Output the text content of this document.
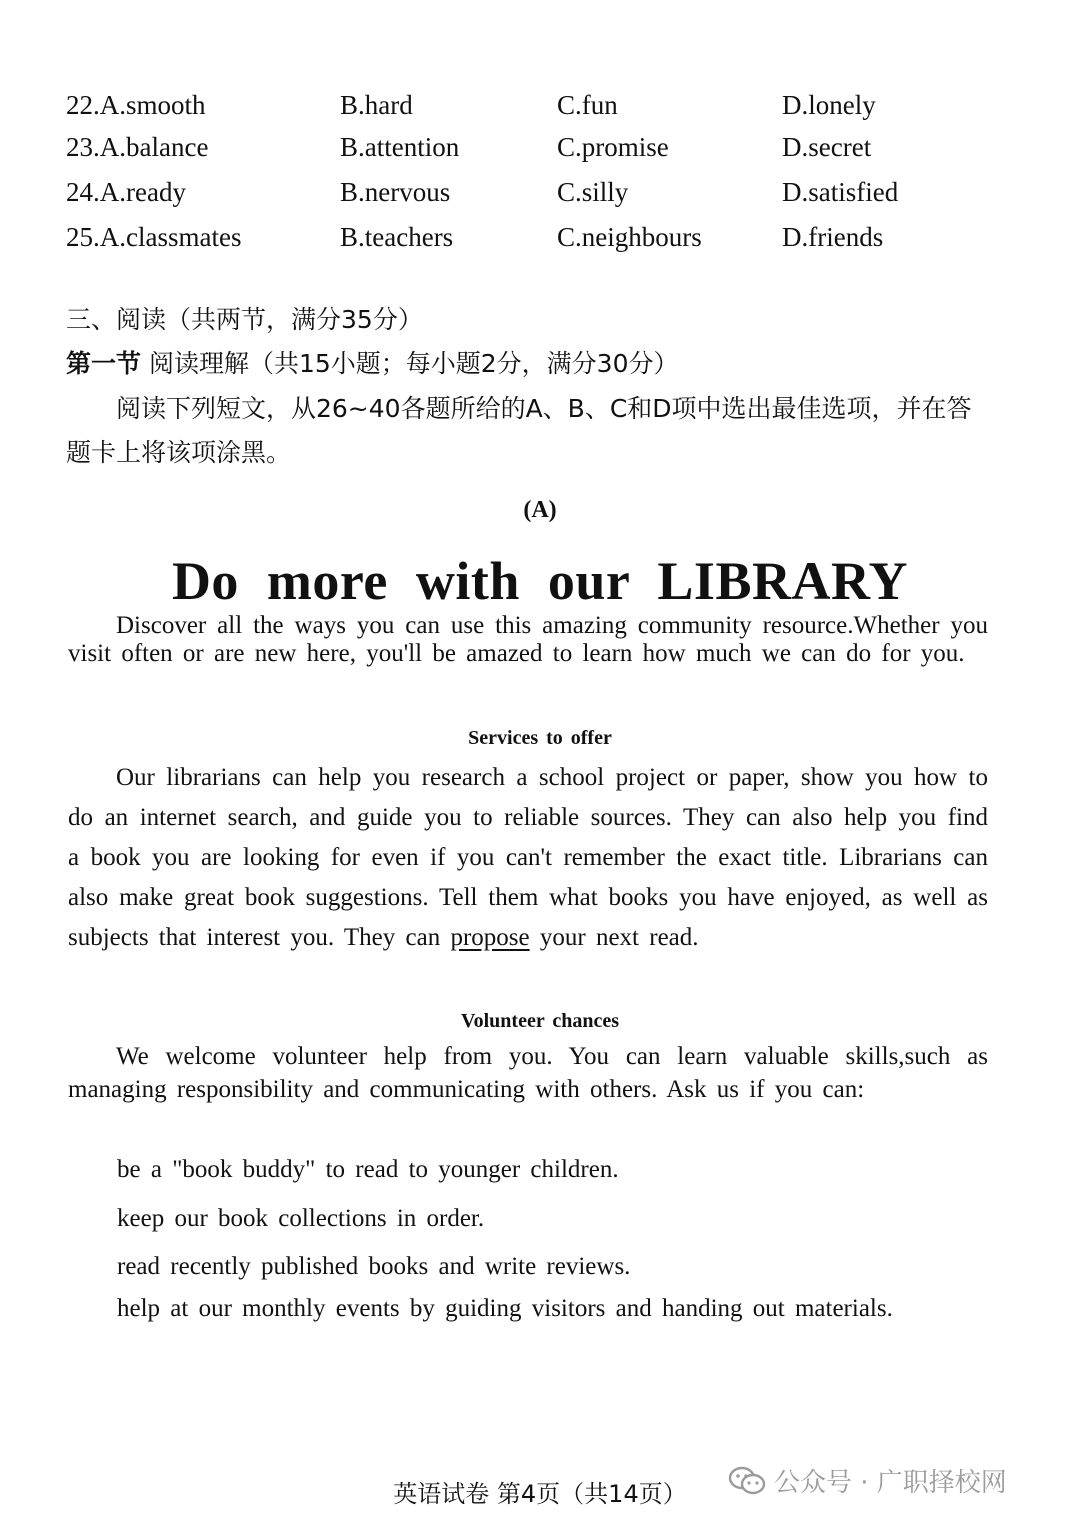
22.A.smooth	B.hard	C.fun	D.lonely
23.A.balance	B.attention	C.promise	D.secret
24.A.ready	B.nervous	C.silly	D.satisfied
25.A.classmates	B.teachers	C.neighbours	D.friends
三、阅读（共两节，满分35分）
第一节 阅读理解（共15小题；每小题2分，满分30分）
　　阅读下列短文，从26~40各题所给的A、B、C和D项中选出最佳选项，并在答
题卡上将该项涂黑。
(A)
Do more with our LIBRARY
Discover all the ways you can use this amazing community resource.Whether you visit often or are new here, you'll be amazed to learn how much we can do for you.
Services to offer
Our librarians can help you research a school project or paper, show you how to do an internet search, and guide you to reliable sources. They can also help you find a book you are looking for even if you can't remember the exact title. Librarians can also make great book suggestions. Tell them what books you have enjoyed, as well as subjects that interest you. They can propose your next read.
Volunteer chances
We welcome volunteer help from you. You can learn valuable skills,such as managing responsibility and communicating with others. Ask us if you can:
be a "book buddy" to read to younger children.
keep our book collections in order.
read recently published books and write reviews.
help at our monthly events by guiding visitors and handing out materials.
英语试卷 第4页（共14页）	公众号 · 广职择校网
